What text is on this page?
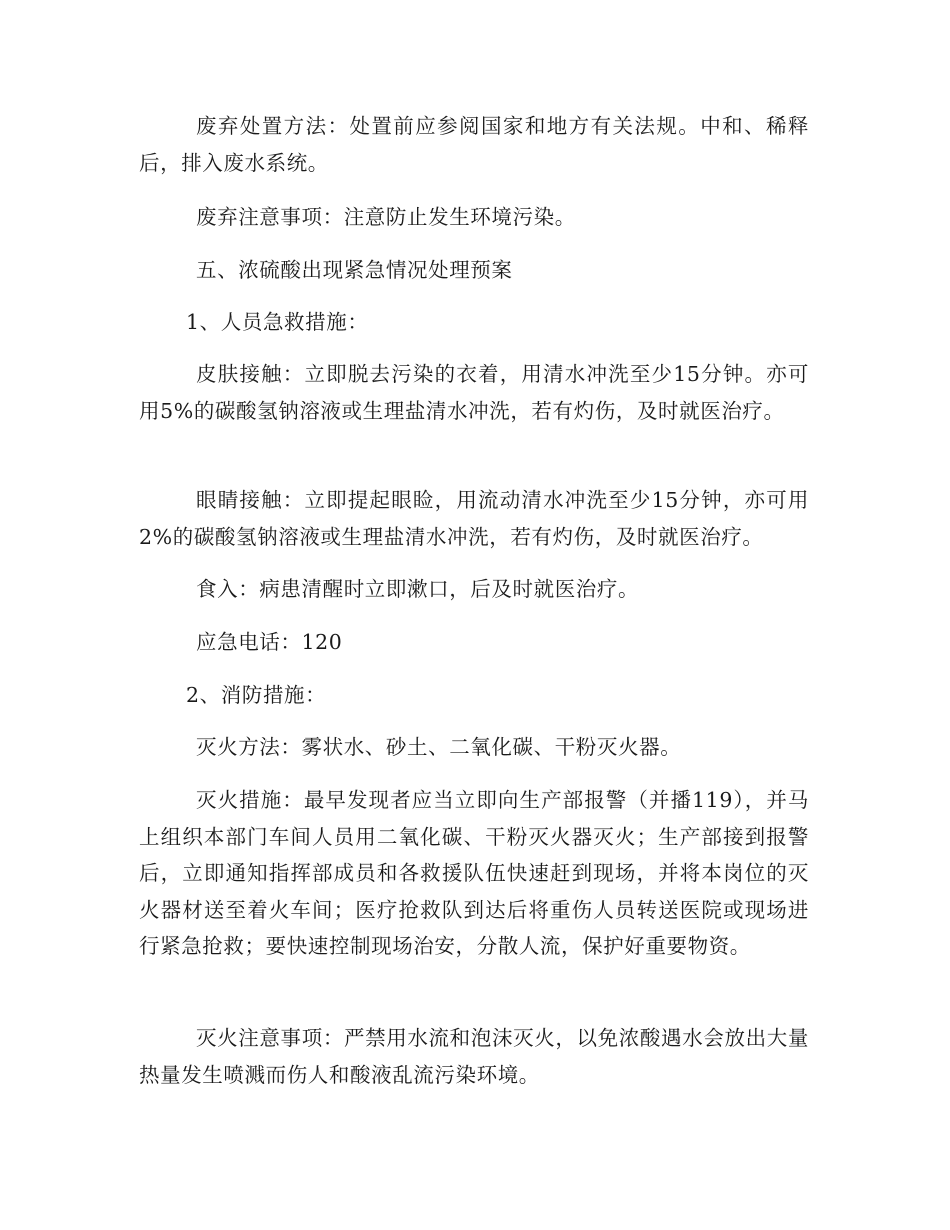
废弃处置方法：处置前应参阅国家和地方有关法规。中和、稀释后，排入废水系统。

废弃注意事项：注意防止发生环境污染。

五、浓硫酸出现紧急情况处理预案

1、人员急救措施：

皮肤接触：立即脱去污染的衣着，用清水冲洗至少15分钟。亦可用5%的碳酸氢钠溶液或生理盐清水冲洗，若有灼伤，及时就医治疗。

眼睛接触：立即提起眼睑，用流动清水冲洗至少15分钟，亦可用2%的碳酸氢钠溶液或生理盐清水冲洗，若有灼伤，及时就医治疗。

食入：病患清醒时立即漱口，后及时就医治疗。

应急电话：120

2、消防措施：

灭火方法：雾状水、砂土、二氧化碳、干粉灭火器。

灭火措施：最早发现者应当立即向生产部报警（并播119），并马上组织本部门车间人员用二氧化碳、干粉灭火器灭火；生产部接到报警后，立即通知指挥部成员和各救援队伍快速赶到现场，并将本岗位的灭火器材送至着火车间；医疗抢救队到达后将重伤人员转送医院或现场进行紧急抢救；要快速控制现场治安，分散人流，保护好重要物资。

灭火注意事项：严禁用水流和泡沫灭火，以免浓酸遇水会放出大量热量发生喷溅而伤人和酸液乱流污染环境。
